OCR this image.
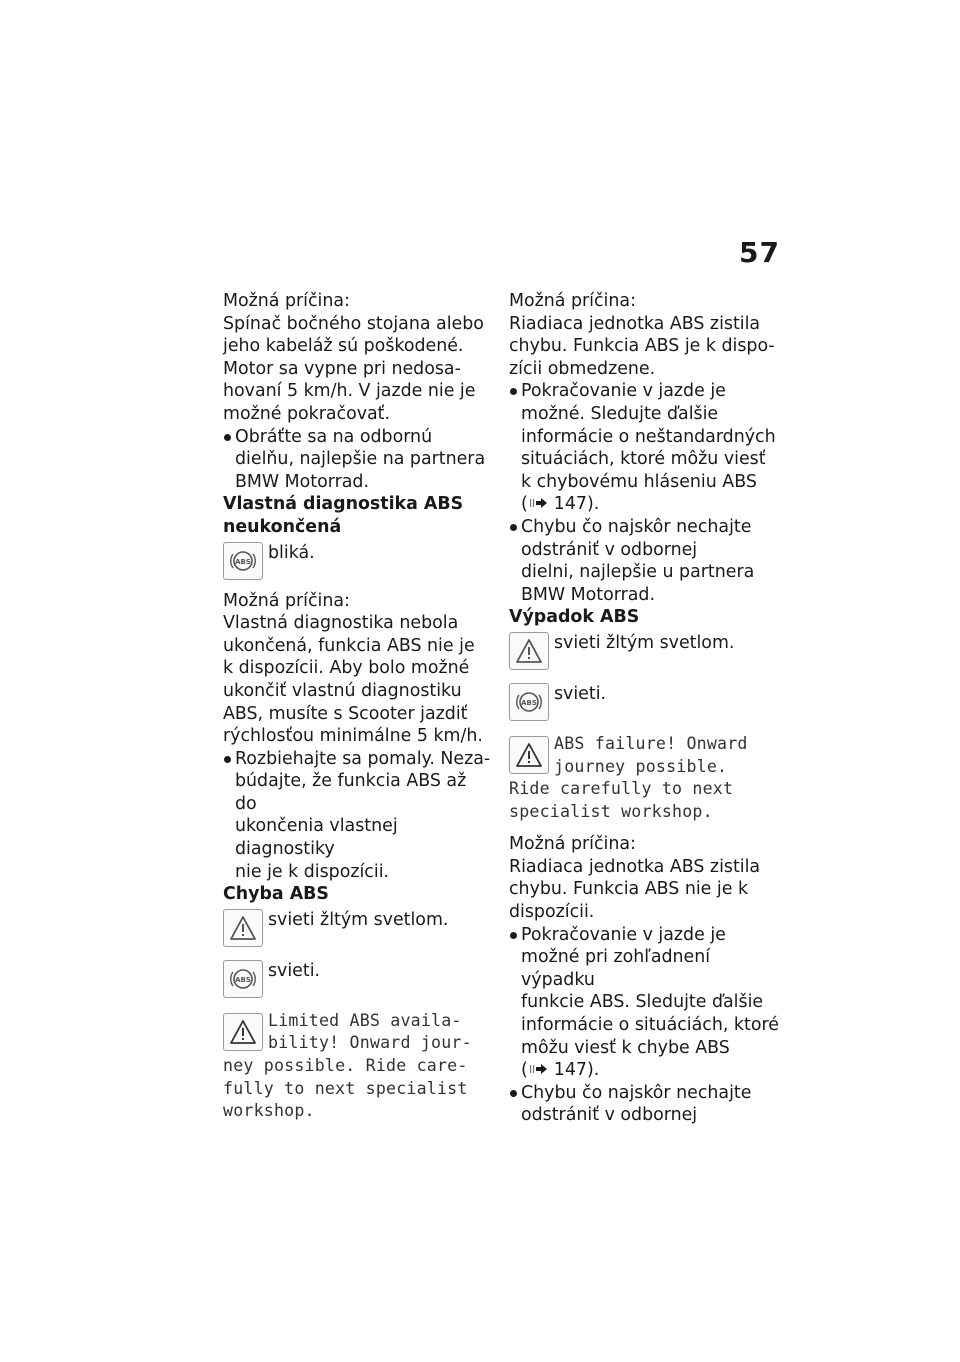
57

Možná príčina:

Spínač bočného stojana alebo
jeho kabeláž sú poškodené.
Motor sa vypne pri nedosa-
hovaní 5 km/h. V jazde nie je
možné pokračovať.

Obráťte sa na odbornú
dielňu, najlepšie na partnera
BMW Motorrad.

Vlastná diagnostika ABS
neukončená

ABS bliká.

Možná príčina:

Vlastná diagnostika nebola
ukončená, funkcia ABS nie je
k dispozícii. Aby bolo možné
ukončiť vlastnú diagnostiku
ABS, musíte s Scooter jazdiť
rýchlosťou minimálne 5 km/h.

Rozbiehajte sa pomaly. Neza-
búdajte, že funkcia ABS až do
ukončenia vlastnej diagnostiky
nie je k dispozícii.

Chyba ABS

svieti žltým svetlom.
ABS svieti.
Limited ABS availa-
bility! Onward jour-
ney possible. Ride care-
fully to next specialist
workshop.

Možná príčina:

Riadiaca jednotka ABS zistila
chybu. Funkcia ABS je k dispo-
zícii obmedzene.

Pokračovanie v jazde je
možné. Sledujte ďalšie
informácie o neštandardných
situáciách, ktoré môžu viesť
k chybovému hláseniu ABS
( 147).
Chybu čo najskôr nechajte
odstrániť v odbornej
dielni, najlepšie u partnera
BMW Motorrad.

Výpadok ABS

svieti žltým svetlom.
ABS svieti.
ABS failure! Onward
journey possible.
Ride carefully to next
specialist workshop.

Možná príčina:

Riadiaca jednotka ABS zistila
chybu. Funkcia ABS nie je k
dispozícii.

Pokračovanie v jazde je
možné pri zohľadnení výpadku
funkcie ABS. Sledujte ďalšie
informácie o situáciách, ktoré
môžu viesť k chybe ABS
( 147).
Chybu čo najskôr nechajte
odstrániť v odbornej
